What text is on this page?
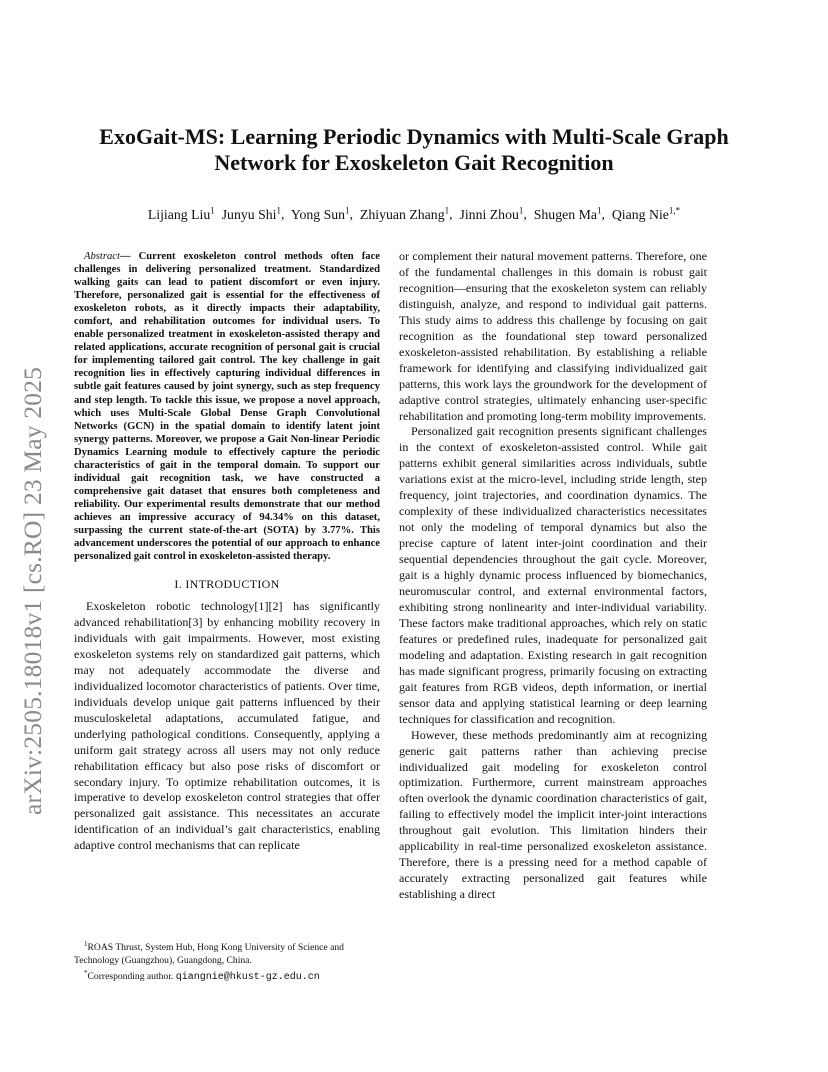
arXiv:2505.18018v1 [cs.RO] 23 May 2025
ExoGait-MS: Learning Periodic Dynamics with Multi-Scale Graph
Network for Exoskeleton Gait Recognition
Lijiang Liu$^1$ Junyu Shi$^1$,  Yong Sun$^1$,  Zhiyuan Zhang$^1$,  Jinni Zhou$^1$,  Shugen Ma$^1$,  Qiang Nie$^{1,*}$

Abstract— Current exoskeleton control methods often face challenges in delivering personalized treatment. Standardized walking gaits can lead to patient discomfort or even injury. Therefore, personalized gait is essential for the effectiveness of exoskeleton robots, as it directly impacts their adaptability, comfort, and rehabilitation outcomes for individual users. To enable personalized treatment in exoskeleton-assisted therapy and related applications, accurate recognition of personal gait is crucial for implementing tailored gait control. The key challenge in gait recognition lies in effectively capturing individual differences in subtle gait features caused by joint synergy, such as step frequency and step length. To tackle this issue, we propose a novel approach, which uses Multi-Scale Global Dense Graph Convolutional Networks (GCN) in the spatial domain to identify latent joint synergy patterns. Moreover, we propose a Gait Non-linear Periodic Dynamics Learning module to effectively capture the periodic characteristics of gait in the temporal domain. To support our individual gait recognition task, we have constructed a comprehensive gait dataset that ensures both completeness and reliability. Our experimental results demonstrate that our method achieves an impressive accuracy of 94.34% on this dataset, surpassing the current state-of-the-art (SOTA) by 3.77%. This advancement underscores the potential of our approach to enhance personalized gait control in exoskeleton-assisted therapy.

I. INTRODUCTION

Exoskeleton robotic technology[1][2] has significantly advanced rehabilitation[3] by enhancing mobility recovery in individuals with gait impairments. However, most existing exoskeleton systems rely on standardized gait patterns, which may not adequately accommodate the diverse and individualized locomotor characteristics of patients. Over time, individuals develop unique gait patterns influenced by their musculoskeletal adaptations, accumulated fatigue, and underlying pathological conditions. Consequently, applying a uniform gait strategy across all users may not only reduce rehabilitation efficacy but also pose risks of discomfort or secondary injury. To optimize rehabilitation outcomes, it is imperative to develop exoskeleton control strategies that offer personalized gait assistance. This necessitates an accurate identification of an individual’s gait characteristics, enabling adaptive control mechanisms that can replicate

$^1$ROAS Thrust, System Hub, Hong Kong University of Science and Technology (Guangzhou), Guangdong, China.

*Corresponding author. qiangnie@hkust-gz.edu.cn

or complement their natural movement patterns. Therefore, one of the fundamental challenges in this domain is robust gait recognition—ensuring that the exoskeleton system can reliably distinguish, analyze, and respond to individual gait patterns. This study aims to address this challenge by focusing on gait recognition as the foundational step toward personalized exoskeleton-assisted rehabilitation. By establishing a reliable framework for identifying and classifying individualized gait patterns, this work lays the groundwork for the development of adaptive control strategies, ultimately enhancing user-specific rehabilitation and promoting long-term mobility improvements.

Personalized gait recognition presents significant challenges in the context of exoskeleton-assisted control. While gait patterns exhibit general similarities across individuals, subtle variations exist at the micro-level, including stride length, step frequency, joint trajectories, and coordination dynamics. The complexity of these individualized characteristics necessitates not only the modeling of temporal dynamics but also the precise capture of latent inter-joint coordination and their sequential dependencies throughout the gait cycle. Moreover, gait is a highly dynamic process influenced by biomechanics, neuromuscular control, and external environmental factors, exhibiting strong nonlinearity and inter-individual variability. These factors make traditional approaches, which rely on static features or predefined rules, inadequate for personalized gait modeling and adaptation. Existing research in gait recognition has made significant progress, primarily focusing on extracting gait features from RGB videos, depth information, or inertial sensor data and applying statistical learning or deep learning techniques for classification and recognition.

However, these methods predominantly aim at recognizing generic gait patterns rather than achieving precise individualized gait modeling for exoskeleton control optimization. Furthermore, current mainstream approaches often overlook the dynamic coordination characteristics of gait, failing to effectively model the implicit inter-joint interactions throughout gait evolution. This limitation hinders their applicability in real-time personalized exoskeleton assistance. Therefore, there is a pressing need for a method capable of accurately extracting personalized gait features while establishing a direct
